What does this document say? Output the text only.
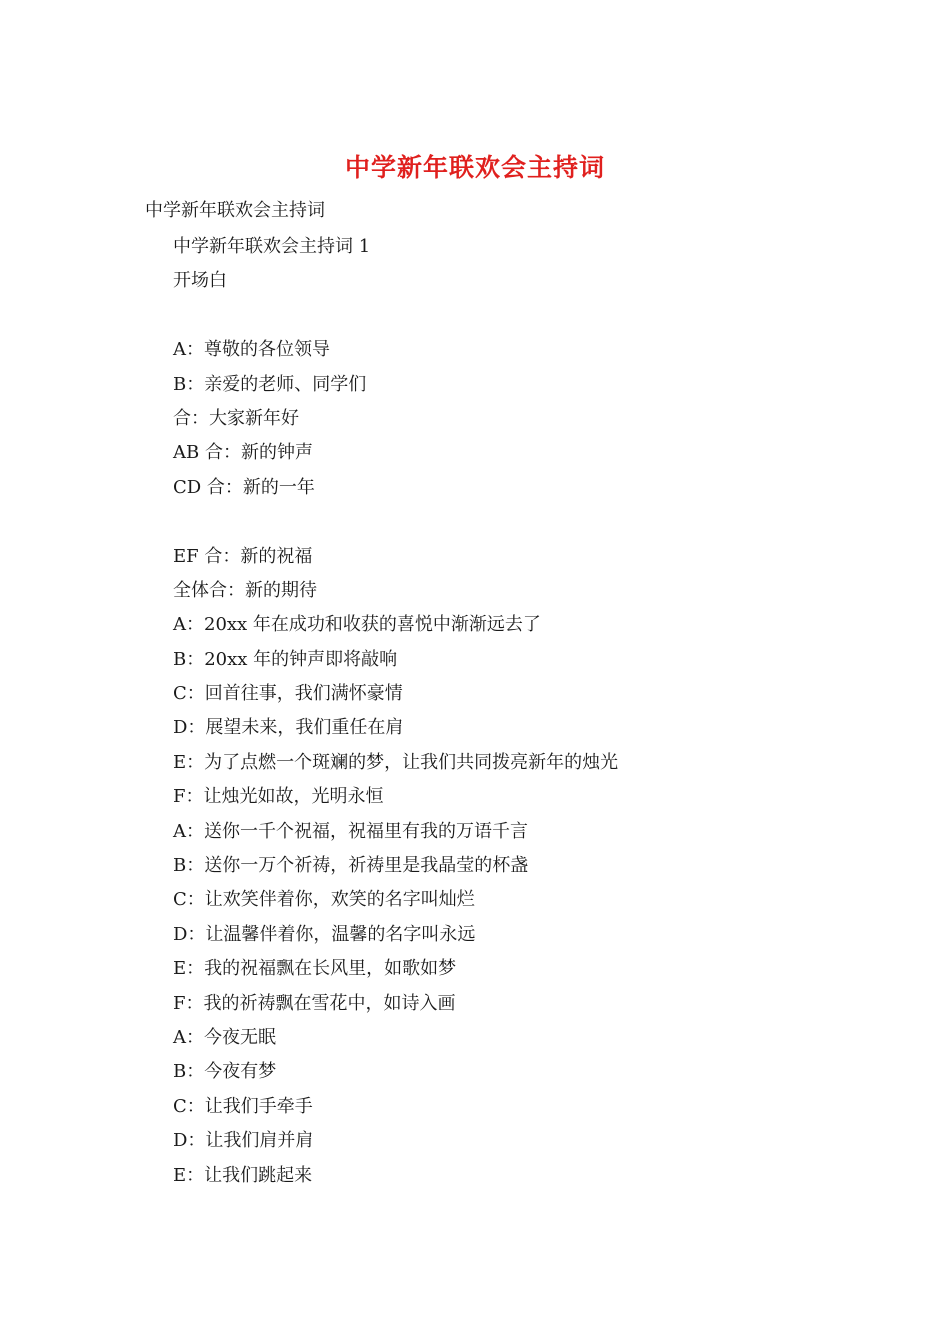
中学新年联欢会主持词
中学新年联欢会主持词
中学新年联欢会主持词 1
开场白
A：尊敬的各位领导
B：亲爱的老师、同学们
合：大家新年好
AB 合：新的钟声
CD 合：新的一年
EF 合：新的祝福
全体合：新的期待
A：20xx 年在成功和收获的喜悦中渐渐远去了
B：20xx 年的钟声即将敲响
C：回首往事，我们满怀豪情
D：展望未来，我们重任在肩
E：为了点燃一个斑斓的梦，让我们共同拨亮新年的烛光
F：让烛光如故，光明永恒
A：送你一千个祝福，祝福里有我的万语千言
B：送你一万个祈祷，祈祷里是我晶莹的杯盏
C：让欢笑伴着你，欢笑的名字叫灿烂
D：让温馨伴着你，温馨的名字叫永远
E：我的祝福飘在长风里，如歌如梦
F：我的祈祷飘在雪花中，如诗入画
A：今夜无眠
B：今夜有梦
C：让我们手牵手
D：让我们肩并肩
E：让我们跳起来
